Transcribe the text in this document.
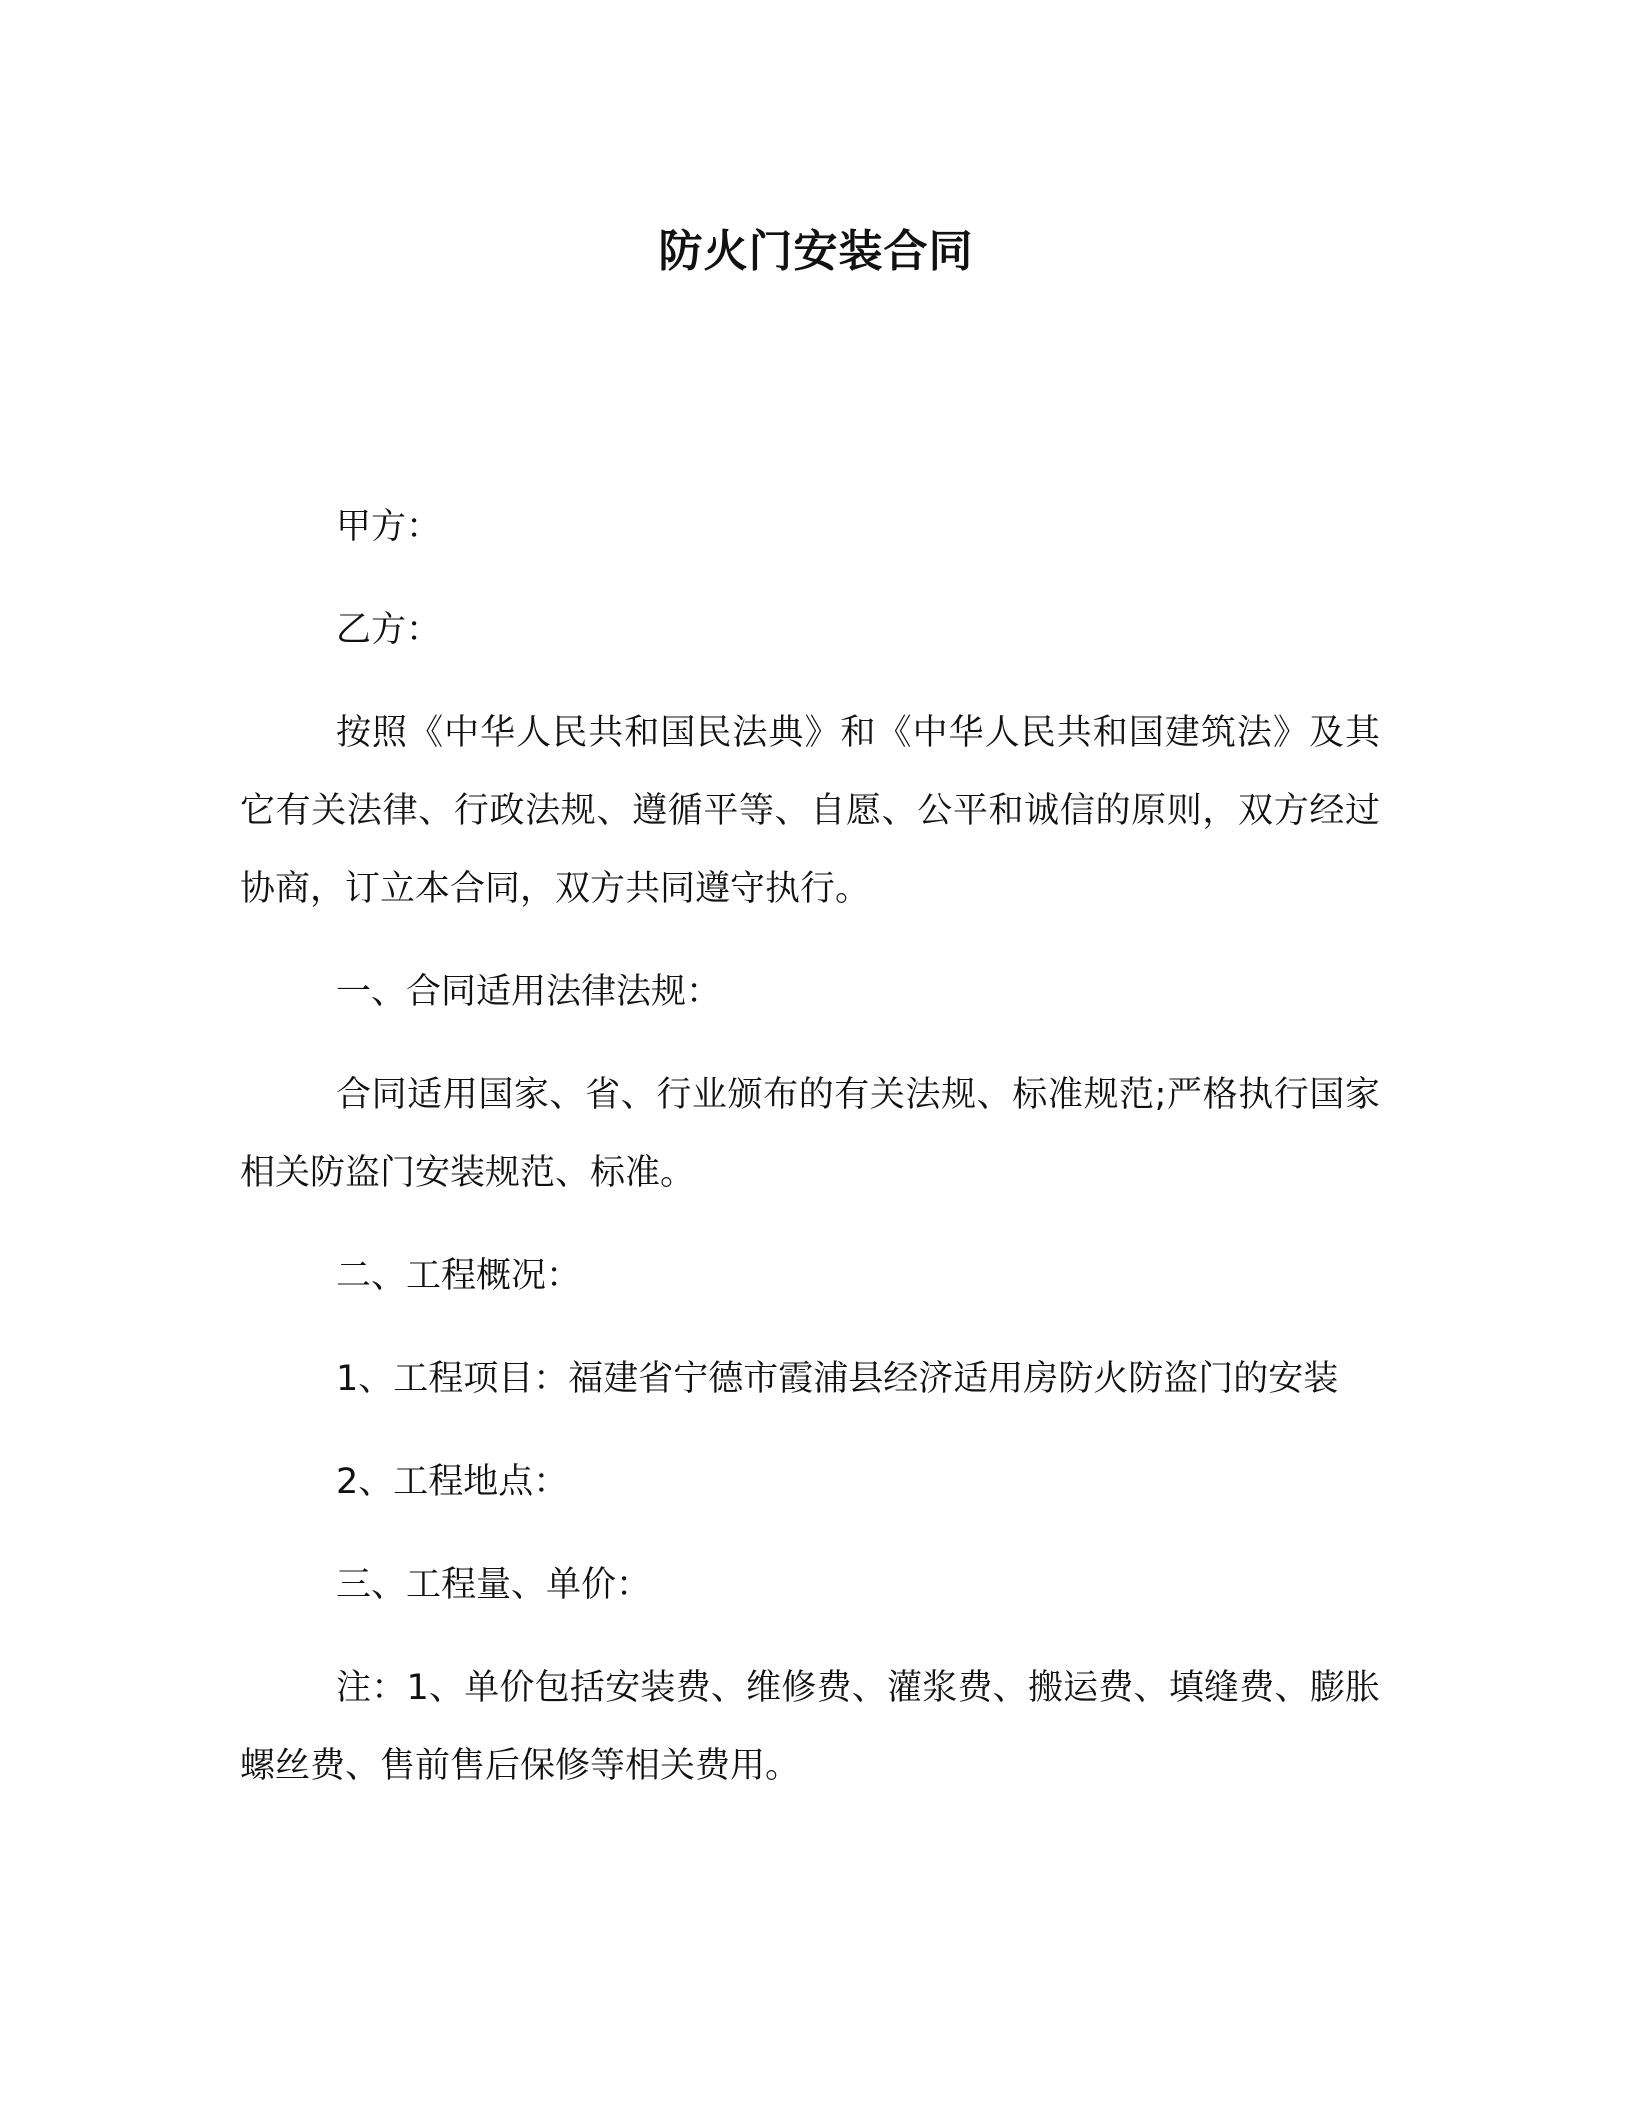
防火门安装合同

甲方：

乙方：

按照《中华人民共和国民法典》和《中华人民共和国建筑法》及其它有关法律、行政法规、遵循平等、自愿、公平和诚信的原则，双方经过协商，订立本合同，双方共同遵守执行。

一、合同适用法律法规：

合同适用国家、省、行业颁布的有关法规、标准规范;严格执行国家相关防盗门安装规范、标准。

二、工程概况：

1、工程项目：福建省宁德市霞浦县经济适用房防火防盗门的安装

2、工程地点：

三、工程量、单价：

注：1、单价包括安装费、维修费、灌浆费、搬运费、填缝费、膨胀螺丝费、售前售后保修等相关费用。
